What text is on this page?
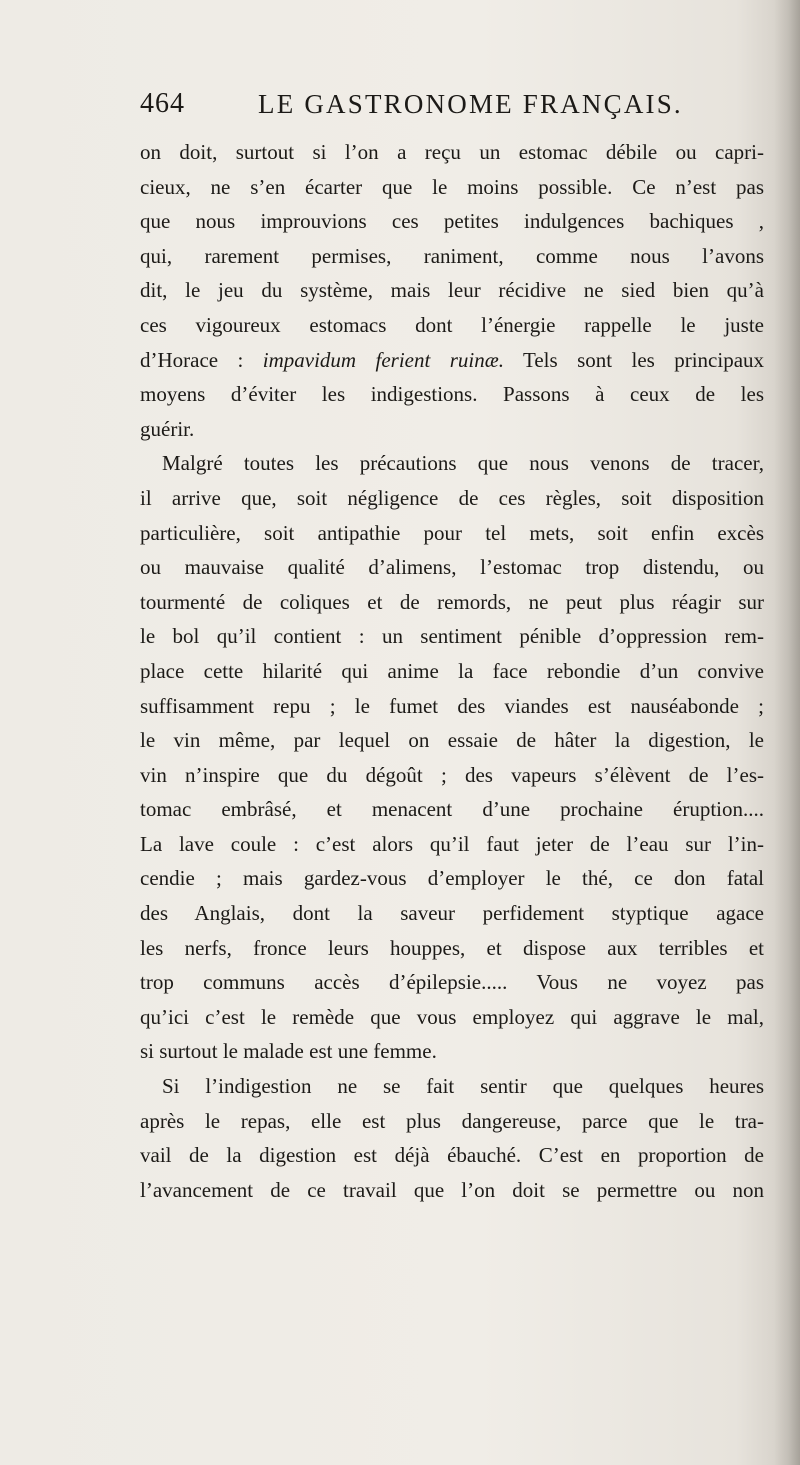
464	LE GASTRONOME FRANÇAIS.
on doit, surtout si l’on a reçu un estomac débile ou capri-
cieux, ne s’en écarter que le moins possible. Ce n’est pas
que nous improuvions ces petites indulgences bachiques ,
qui, rarement permises, raniment, comme nous l’avons
dit, le jeu du système, mais leur récidive ne sied bien qu’à
ces vigoureux estomacs dont l’énergie rappelle le juste
d’Horace : impavidum ferient ruinæ. Tels sont les principaux
moyens d’éviter les indigestions. Passons à ceux de les
guérir.
Malgré toutes les précautions que nous venons de tracer,
il arrive que, soit négligence de ces règles, soit disposition
particulière, soit antipathie pour tel mets, soit enfin excès
ou mauvaise qualité d’alimens, l’estomac trop distendu, ou
tourmenté de coliques et de remords, ne peut plus réagir sur
le bol qu’il contient : un sentiment pénible d’oppression rem-
place cette hilarité qui anime la face rebondie d’un convive
suffisamment repu ; le fumet des viandes est nauséabonde ;
le vin même, par lequel on essaie de hâter la digestion, le
vin n’inspire que du dégoût ; des vapeurs s’élèvent de l’es-
tomac embrâsé, et menacent d’une prochaine éruption....
La lave coule : c’est alors qu’il faut jeter de l’eau sur l’in-
cendie ; mais gardez-vous d’employer le thé, ce don fatal
des Anglais, dont la saveur perfidement styptique agace
les nerfs, fronce leurs houppes, et dispose aux terribles et
trop communs accès d’épilepsie..... Vous ne voyez pas
qu’ici c’est le remède que vous employez qui aggrave le mal,
si surtout le malade est une femme.
Si l’indigestion ne se fait sentir que quelques heures
après le repas, elle est plus dangereuse, parce que le tra-
vail de la digestion est déjà ébauché. C’est en proportion de
l’avancement de ce travail que l’on doit se permettre ou non
